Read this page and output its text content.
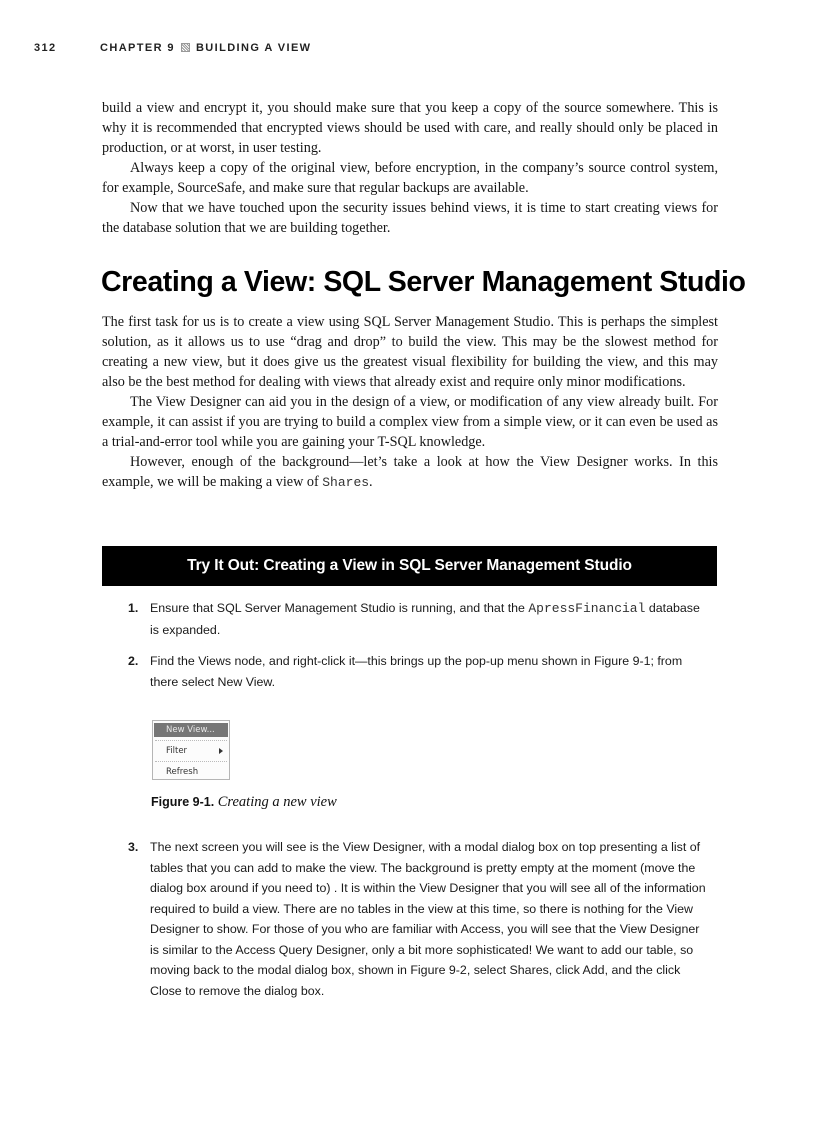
312	CHAPTER 9 BUILDING A VIEW

build a view and encrypt it, you should make sure that you keep a copy of the source somewhere. This is why it is recommended that encrypted views should be used with care, and really should only be placed in production, or at worst, in user testing.

Always keep a copy of the original view, before encryption, in the company’s source control system, for example, SourceSafe, and make sure that regular backups are available.

Now that we have touched upon the security issues behind views, it is time to start creating views for the database solution that we are building together.

Creating a View: SQL Server Management Studio

The first task for us is to create a view using SQL Server Management Studio. This is perhaps the simplest solution, as it allows us to use “drag and drop” to build the view. This may be the slowest method for creating a new view, but it does give us the greatest visual flexibility for building the view, and this may also be the best method for dealing with views that already exist and require only minor modifications.

The View Designer can aid you in the design of a view, or modification of any view already built. For example, it can assist if you are trying to build a complex view from a simple view, or it can even be used as a trial-and-error tool while you are gaining your T-SQL knowledge.

However, enough of the background—let’s take a look at how the View Designer works. In this example, we will be making a view of Shares.

Try It Out: Creating a View in SQL Server Management Studio
1. Ensure that SQL Server Management Studio is running, and that the ApressFinancial database is expanded.
2. Find the Views node, and right-click it—this brings up the pop-up menu shown in Figure 9-1; from there select New View.
New View...
Filter
Refresh
Figure 9-1. Creating a new view
3. The next screen you will see is the View Designer, with a modal dialog box on top presenting a list of tables that you can add to make the view. The background is pretty empty at the moment (move the dialog box around if you need to) . It is within the View Designer that you will see all of the information required to build a view. There are no tables in the view at this time, so there is nothing for the View Designer to show. For those of you who are familiar with Access, you will see that the View Designer is similar to the Access Query Designer, only a bit more sophisticated! We want to add our table, so moving back to the modal dialog box, shown in Figure 9-2, select Shares, click Add, and the click Close to remove the dialog box.
